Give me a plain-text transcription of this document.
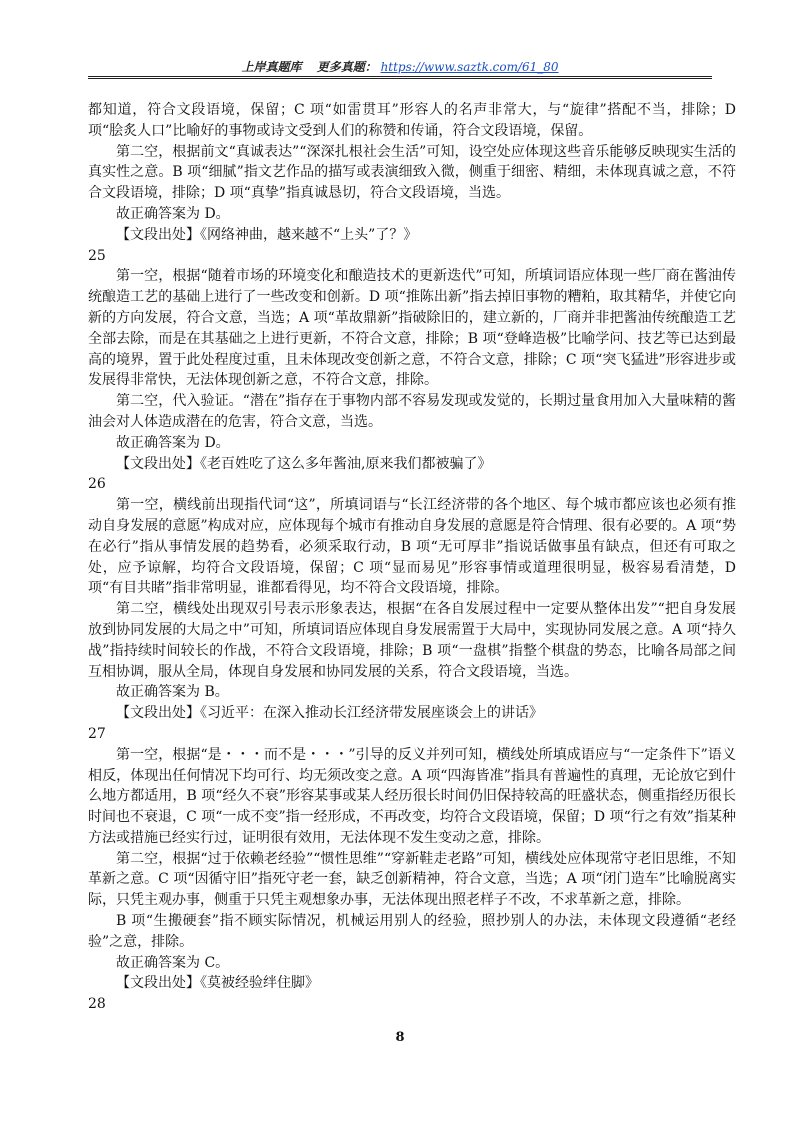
上岸真题库 更多真题： https://www.saztk.com/61_80

都知道，符合文段语境，保留；C 项“如雷贯耳”形容人的名声非常大，与“旋律”搭配不当，排除；D 项“脍炙人口”比喻好的事物或诗文受到人们的称赞和传诵，符合文段语境，保留。

第二空，根据前文“真诚表达”“深深扎根社会生活”可知，设空处应体现这些音乐能够反映现实生活的真实性之意。B 项“细腻”指文艺作品的描写或表演细致入微，侧重于细密、精细，未体现真诚之意，不符合文段语境，排除；D 项“真挚”指真诚恳切，符合文段语境，当选。

故正确答案为 D。

【文段出处】《网络神曲，越来越不“上头”了？》

25

第一空，根据“随着市场的环境变化和酿造技术的更新迭代”可知，所填词语应体现一些厂商在酱油传统酿造工艺的基础上进行了一些改变和创新。D 项“推陈出新”指去掉旧事物的糟粕，取其精华，并使它向新的方向发展，符合文意，当选；A 项“革故鼎新”指破除旧的，建立新的，厂商并非把酱油传统酿造工艺全部去除，而是在其基础之上进行更新，不符合文意，排除；B 项“登峰造极”比喻学问、技艺等已达到最高的境界，置于此处程度过重，且未体现改变创新之意，不符合文意，排除；C 项“突飞猛进”形容进步或发展得非常快，无法体现创新之意，不符合文意，排除。

第二空，代入验证。“潜在”指存在于事物内部不容易发现或发觉的，长期过量食用加入大量味精的酱油会对人体造成潜在的危害，符合文意，当选。

故正确答案为 D。

【文段出处】《老百姓吃了这么多年酱油,原来我们都被骗了》

26

第一空，横线前出现指代词“这”，所填词语与“长江经济带的各个地区、每个城市都应该也必须有推动自身发展的意愿”构成对应，应体现每个城市有推动自身发展的意愿是符合情理、很有必要的。A 项“势在必行”指从事情发展的趋势看，必须采取行动，B 项“无可厚非”指说话做事虽有缺点，但还有可取之处，应予谅解，均符合文段语境，保留；C 项“显而易见”形容事情或道理很明显，极容易看清楚，D 项“有目共睹”指非常明显，谁都看得见，均不符合文段语境，排除。

第二空，横线处出现双引号表示形象表达，根据“在各自发展过程中一定要从整体出发”“把自身发展放到协同发展的大局之中”可知，所填词语应体现自身发展需置于大局中，实现协同发展之意。A 项“持久战”指持续时间较长的作战，不符合文段语境，排除；B 项“一盘棋”指整个棋盘的势态，比喻各局部之间互相协调，服从全局，体现自身发展和协同发展的关系，符合文段语境，当选。

故正确答案为 B。

【文段出处】《习近平：在深入推动长江经济带发展座谈会上的讲话》

27

第一空，根据“是・・・而不是・・・”引导的反义并列可知，横线处所填成语应与“一定条件下”语义相反，体现出任何情况下均可行、均无须改变之意。A 项“四海皆准”指具有普遍性的真理，无论放它到什么地方都适用，B 项“经久不衰”形容某事或某人经历很长时间仍旧保持较高的旺盛状态，侧重指经历很长时间也不衰退，C 项“一成不变”指一经形成，不再改变，均符合文段语境，保留；D 项“行之有效”指某种方法或措施已经实行过，证明很有效用，无法体现不发生变动之意，排除。

第二空，根据“过于依赖老经验”“惯性思维”“穿新鞋走老路”可知，横线处应体现常守老旧思维，不知革新之意。C 项“因循守旧”指死守老一套，缺乏创新精神，符合文意，当选；A 项“闭门造车”比喻脱离实际，只凭主观办事，侧重于只凭主观想象办事，无法体现出照老样子不改，不求革新之意，排除。

B 项“生搬硬套”指不顾实际情况，机械运用别人的经验，照抄别人的办法，未体现文段遵循“老经验”之意，排除。

故正确答案为 C。

【文段出处】《莫被经验绊住脚》

28

8
